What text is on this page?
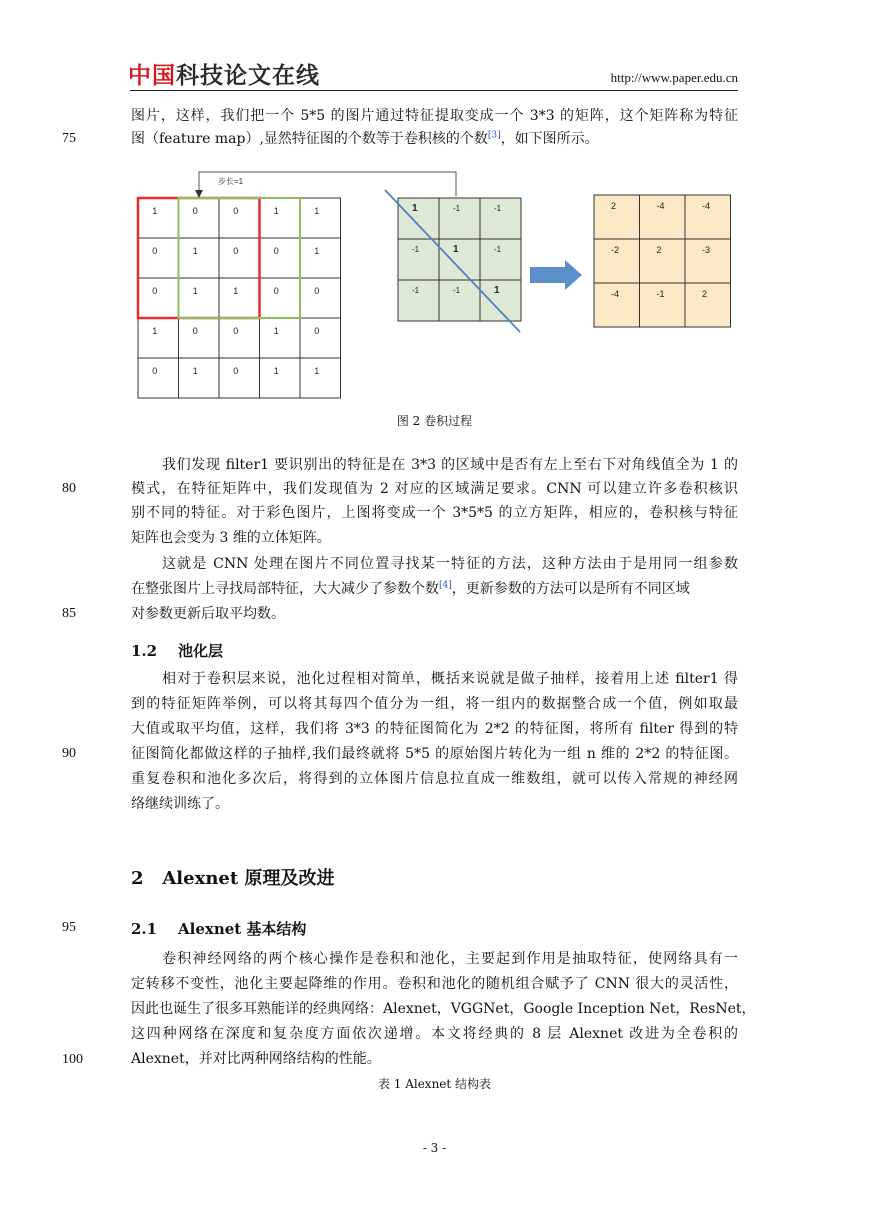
中国科技论文在线	http://www.paper.edu.cn
75
80
85
90
95
100
图片，这样，我们把一个 5*5 的图片通过特征提取变成一个 3*3 的矩阵，这个矩阵称为特征
图（feature map）,显然特征图的个数等于卷积核的个数[3]，如下图所示。
1	0	0	1	1
0	1	0	0	1
0	1	1	0	0
1	0	0	1	0
0	1	0	1	1
步长=1
1	-1	-1
-1	1	-1
-1	-1	1
2	-4	-4
-2	2	-3
-4	-1	2
图 2 卷积过程
我们发现 filter1 要识别出的特征是在 3*3 的区域中是否有左上至右下对角线值全为 1 的
模式，在特征矩阵中，我们发现值为 2 对应的区域满足要求。CNN 可以建立许多卷积核识
别不同的特征。对于彩色图片，上图将变成一个 3*5*5 的立方矩阵，相应的，卷积核与特征
矩阵也会变为 3 维的立体矩阵。
这就是 CNN 处理在图片不同位置寻找某一特征的方法，这种方法由于是用同一组参数
在整张图片上寻找局部特征，大大减少了参数个数[4]，更新参数的方法可以是所有不同区域
对参数更新后取平均数。
1.2 池化层
相对于卷积层来说，池化过程相对简单，概括来说就是做子抽样，接着用上述 filter1 得
到的特征矩阵举例，可以将其每四个值分为一组，将一组内的数据整合成一个值，例如取最
大值或取平均值，这样，我们将 3*3 的特征图简化为 2*2 的特征图，将所有 filter 得到的特
征图简化都做这样的子抽样,我们最终就将 5*5 的原始图片转化为一组 n 维的 2*2 的特征图。
重复卷积和池化多次后，将得到的立体图片信息拉直成一维数组，就可以传入常规的神经网
络继续训练了。
2 Alexnet 原理及改进
2.1 Alexnet 基本结构
卷积神经网络的两个核心操作是卷积和池化，主要起到作用是抽取特征，使网络具有一
定转移不变性，池化主要起降维的作用。卷积和池化的随机组合赋予了 CNN 很大的灵活性，
因此也诞生了很多耳熟能详的经典网络：Alexnet，VGGNet，Google Inception Net，ResNet，
这四种网络在深度和复杂度方面依次递增。本文将经典的 8 层 Alexnet 改进为全卷积的
Alexnet，并对比两种网络结构的性能。
表 1 Alexnet 结构表
- 3 -
